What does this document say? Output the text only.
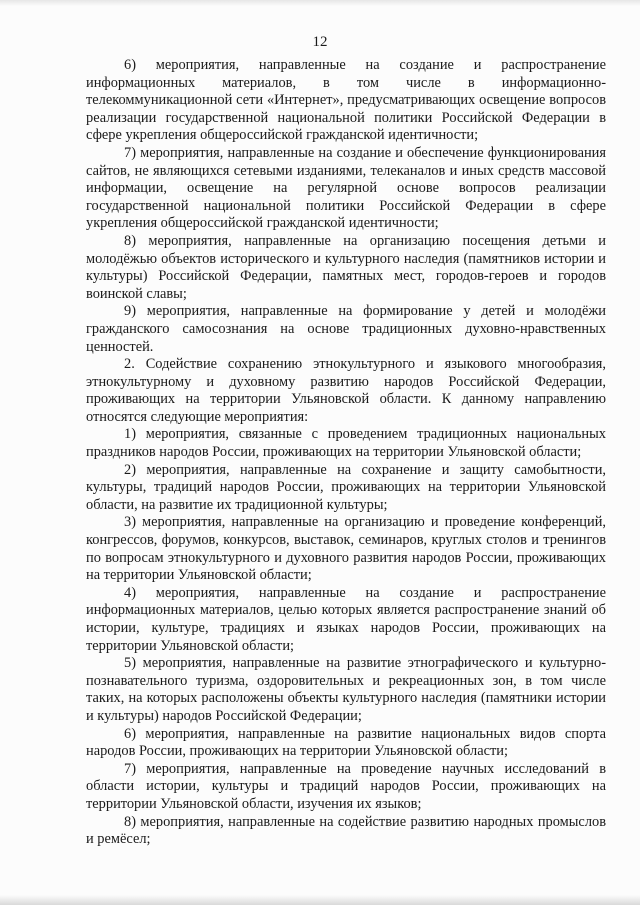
12

6) мероприятия, направленные на создание и распространение информационных материалов, в том числе в информационно-телекоммуникационной сети «Интернет», предусматривающих освещение вопросов реализации государственной национальной политики Российской Федерации в сфере укрепления общероссийской гражданской идентичности;

7) мероприятия, направленные на создание и обеспечение функционирования сайтов, не являющихся сетевыми изданиями, телеканалов и иных средств массовой информации, освещение на регулярной основе вопросов реализации государственной национальной политики Российской Федерации в сфере укрепления общероссийской гражданской идентичности;

8) мероприятия, направленные на организацию посещения детьми и молодёжью объектов исторического и культурного наследия (памятников истории и культуры) Российской Федерации, памятных мест, городов-героев и городов воинской славы;

9) мероприятия, направленные на формирование у детей и молодёжи гражданского самосознания на основе традиционных духовно-нравственных ценностей.

2. Содействие сохранению этнокультурного и языкового многообразия, этнокультурному и духовному развитию народов Российской Федерации, проживающих на территории Ульяновской области. К данному направлению относятся следующие мероприятия:

1) мероприятия, связанные с проведением традиционных национальных праздников народов России, проживающих на территории Ульяновской области;

2) мероприятия, направленные на сохранение и защиту самобытности, культуры, традиций народов России, проживающих на территории Ульяновской области, на развитие их традиционной культуры;

3) мероприятия, направленные на организацию и проведение конференций, конгрессов, форумов, конкурсов, выставок, семинаров, круглых столов и тренингов по вопросам этнокультурного и духовного развития народов России, проживающих на территории Ульяновской области;

4) мероприятия, направленные на создание и распространение информационных материалов, целью которых является распространение знаний об истории, культуре, традициях и языках народов России, проживающих на территории Ульяновской области;

5) мероприятия, направленные на развитие этнографического и культурно-познавательного туризма, оздоровительных и рекреационных зон, в том числе таких, на которых расположены объекты культурного наследия (памятники истории и культуры) народов Российской Федерации;

6) мероприятия, направленные на развитие национальных видов спорта народов России, проживающих на территории Ульяновской области;

7) мероприятия, направленные на проведение научных исследований в области истории, культуры и традиций народов России, проживающих на территории Ульяновской области, изучения их языков;

8) мероприятия, направленные на содействие развитию народных промыслов и ремёсел;
